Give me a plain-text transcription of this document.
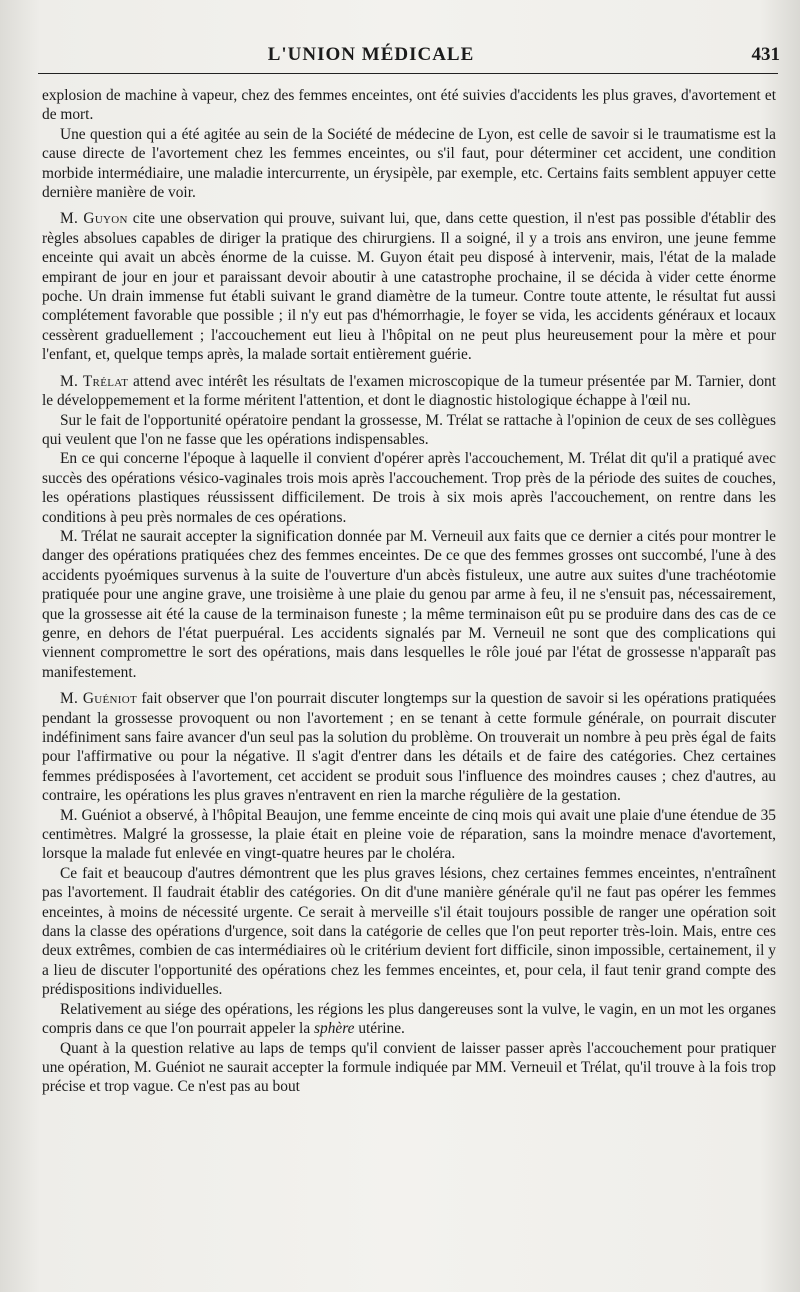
L'UNION MÉDICALE	431

explosion de machine à vapeur, chez des femmes enceintes, ont été suivies d'accidents les plus graves, d'avortement et de mort.

Une question qui a été agitée au sein de la Société de médecine de Lyon, est celle de savoir si le traumatisme est la cause directe de l'avortement chez les femmes enceintes, ou s'il faut, pour déterminer cet accident, une condition morbide intermédiaire, une maladie intercurrente, un érysipèle, par exemple, etc. Certains faits semblent appuyer cette dernière manière de voir.

M. Guyon cite une observation qui prouve, suivant lui, que, dans cette question, il n'est pas possible d'établir des règles absolues capables de diriger la pratique des chirurgiens. Il a soigné, il y a trois ans environ, une jeune femme enceinte qui avait un abcès énorme de la cuisse. M. Guyon était peu disposé à intervenir, mais, l'état de la malade empirant de jour en jour et paraissant devoir aboutir à une catastrophe prochaine, il se décida à vider cette énorme poche. Un drain immense fut établi suivant le grand diamètre de la tumeur. Contre toute attente, le résultat fut aussi complétement favorable que possible ; il n'y eut pas d'hémorrhagie, le foyer se vida, les accidents généraux et locaux cessèrent graduellement ; l'accouchement eut lieu à l'hôpital on ne peut plus heureusement pour la mère et pour l'enfant, et, quelque temps après, la malade sortait entièrement guérie.

M. Trélat attend avec intérêt les résultats de l'examen microscopique de la tumeur présentée par M. Tarnier, dont le développemement et la forme méritent l'attention, et dont le diagnostic histologique échappe à l'œil nu.

Sur le fait de l'opportunité opératoire pendant la grossesse, M. Trélat se rattache à l'opinion de ceux de ses collègues qui veulent que l'on ne fasse que les opérations indispensables.

En ce qui concerne l'époque à laquelle il convient d'opérer après l'accouchement, M. Trélat dit qu'il a pratiqué avec succès des opérations vésico-vaginales trois mois après l'accouchement. Trop près de la période des suites de couches, les opérations plastiques réussissent difficilement. De trois à six mois après l'accouchement, on rentre dans les conditions à peu près normales de ces opérations.

M. Trélat ne saurait accepter la signification donnée par M. Verneuil aux faits que ce dernier a cités pour montrer le danger des opérations pratiquées chez des femmes enceintes. De ce que des femmes grosses ont succombé, l'une à des accidents pyoémiques survenus à la suite de l'ouverture d'un abcès fistuleux, une autre aux suites d'une trachéotomie pratiquée pour une angine grave, une troisième à une plaie du genou par arme à feu, il ne s'ensuit pas, nécessairement, que la grossesse ait été la cause de la terminaison funeste ; la même terminaison eût pu se produire dans des cas de ce genre, en dehors de l'état puerpuéral. Les accidents signalés par M. Verneuil ne sont que des complications qui viennent compromettre le sort des opérations, mais dans lesquelles le rôle joué par l'état de grossesse n'apparaît pas manifestement.

M. Guéniot fait observer que l'on pourrait discuter longtemps sur la question de savoir si les opérations pratiquées pendant la grossesse provoquent ou non l'avortement ; en se tenant à cette formule générale, on pourrait discuter indéfiniment sans faire avancer d'un seul pas la solution du problème. On trouverait un nombre à peu près égal de faits pour l'affirmative ou pour la négative. Il s'agit d'entrer dans les détails et de faire des catégories. Chez certaines femmes prédisposées à l'avortement, cet accident se produit sous l'influence des moindres causes ; chez d'autres, au contraire, les opérations les plus graves n'entravent en rien la marche régulière de la gestation.

M. Guéniot a observé, à l'hôpital Beaujon, une femme enceinte de cinq mois qui avait une plaie d'une étendue de 35 centimètres. Malgré la grossesse, la plaie était en pleine voie de réparation, sans la moindre menace d'avortement, lorsque la malade fut enlevée en vingt-quatre heures par le choléra.

Ce fait et beaucoup d'autres démontrent que les plus graves lésions, chez certaines femmes enceintes, n'entraînent pas l'avortement. Il faudrait établir des catégories. On dit d'une manière générale qu'il ne faut pas opérer les femmes enceintes, à moins de nécessité urgente. Ce serait à merveille s'il était toujours possible de ranger une opération soit dans la classe des opérations d'urgence, soit dans la catégorie de celles que l'on peut reporter très-loin. Mais, entre ces deux extrêmes, combien de cas intermédiaires où le critérium devient fort difficile, sinon impossible, certainement, il y a lieu de discuter l'opportunité des opérations chez les femmes enceintes, et, pour cela, il faut tenir grand compte des prédispositions individuelles.

Relativement au siége des opérations, les régions les plus dangereuses sont la vulve, le vagin, en un mot les organes compris dans ce que l'on pourrait appeler la sphère utérine.

Quant à la question relative au laps de temps qu'il convient de laisser passer après l'accouchement pour pratiquer une opération, M. Guéniot ne saurait accepter la formule indiquée par MM. Verneuil et Trélat, qu'il trouve à la fois trop précise et trop vague. Ce n'est pas au bout
